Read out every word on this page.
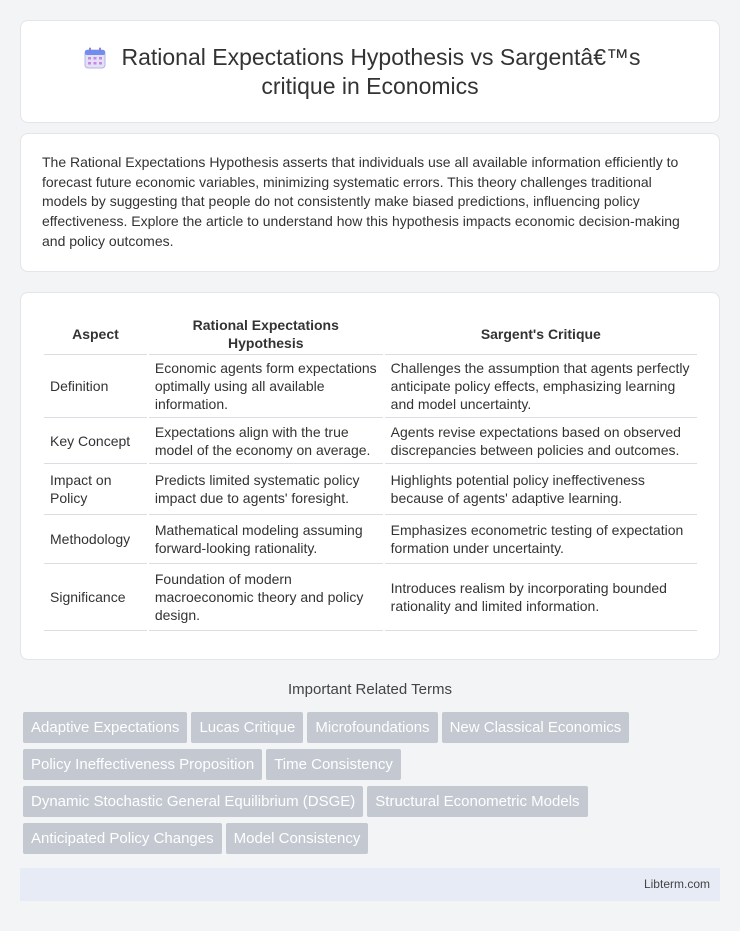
Rational Expectations Hypothesis vs Sargentâ€™s
critique in Economics

The Rational Expectations Hypothesis asserts that individuals use all available information efficiently to forecast future economic variables, minimizing systematic errors. This theory challenges traditional models by suggesting that people do not consistently make biased predictions, influencing policy effectiveness. Explore the article to understand how this hypothesis impacts economic decision-making and policy outcomes.

Aspect	Rational Expectations Hypothesis	Sargent's Critique
Definition	Economic agents form expectations optimally using all available information.	Challenges the assumption that agents perfectly anticipate policy effects, emphasizing learning and model uncertainty.
Key Concept	Expectations align with the true model of the economy on average.	Agents revise expectations based on observed discrepancies between policies and outcomes.
Impact on Policy	Predicts limited systematic policy impact due to agents' foresight.	Highlights potential policy ineffectiveness because of agents' adaptive learning.
Methodology	Mathematical modeling assuming forward-looking rationality.	Emphasizes econometric testing of expectation formation under uncertainty.
Significance	Foundation of modern macroeconomic theory and policy design.	Introduces realism by incorporating bounded rationality and limited information.
Important Related Terms
Adaptive Expectations Lucas Critique Microfoundations New Classical Economics
Policy Ineffectiveness Proposition Time Consistency
Dynamic Stochastic General Equilibrium (DSGE) Structural Econometric Models
Anticipated Policy Changes Model Consistency
Libterm.com
